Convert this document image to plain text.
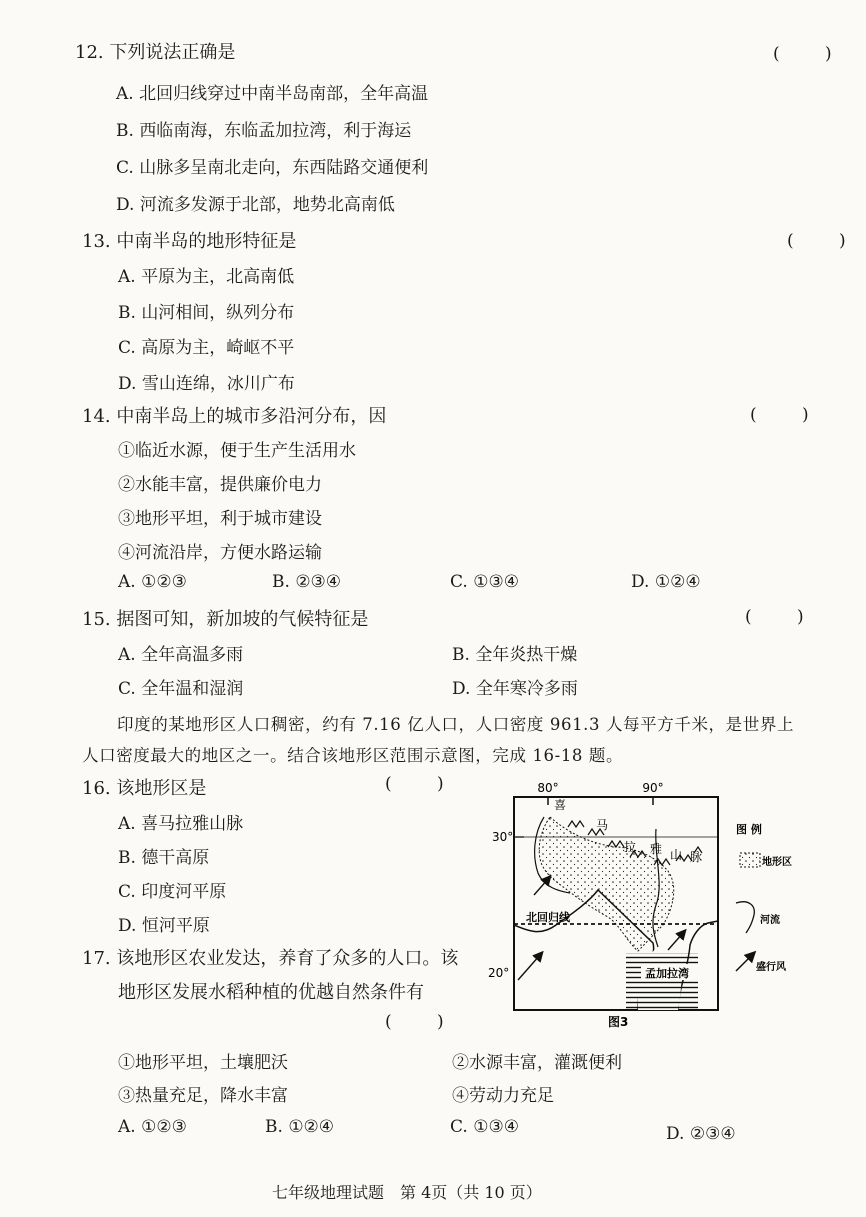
12. 下列说法正确是	( )
A. 北回归线穿过中南半岛南部，全年高温
B. 西临南海，东临孟加拉湾，利于海运
C. 山脉多呈南北走向，东西陆路交通便利
D. 河流多发源于北部，地势北高南低
13. 中南半岛的地形特征是	( )
A. 平原为主，北高南低
B. 山河相间，纵列分布
C. 高原为主，崎岖不平
D. 雪山连绵，冰川广布
14. 中南半岛上的城市多沿河分布，因	( )
①临近水源，便于生产生活用水
②水能丰富，提供廉价电力
③地形平坦，利于城市建设
④河流沿岸，方便水路运输
A. ①②③	B. ②③④	C. ①③④	D. ①②④
15. 据图可知，新加坡的气候特征是	( )
A. 全年高温多雨	B. 全年炎热干燥
C. 全年温和湿润	D. 全年寒冷多雨
印度的某地形区人口稠密，约有 7.16 亿人口，人口密度 961.3 人每平方千米，是世界上
人口密度最大的地区之一。结合该地形区范围示意图，完成 16-18 题。
16. 该地形区是	( )
A. 喜马拉雅山脉
B. 德干高原
C. 印度河平原
D. 恒河平原
17. 该地形区农业发达，养育了众多的人口。该
地形区发展水稻种植的优越自然条件有
( )
①地形平坦，土壤肥沃	②水源丰富，灌溉便利
③热量充足，降水丰富	④劳动力充足
A. ①②③	B. ①②④	C. ①③④	D. ②③④
80°	90°
30°
20°
喜
马
拉 雅 山 脉
北回归线
孟加拉湾
图 例
地形区
河流
盛行风
图3
七年级地理试题　第 4页（共 10 页）
